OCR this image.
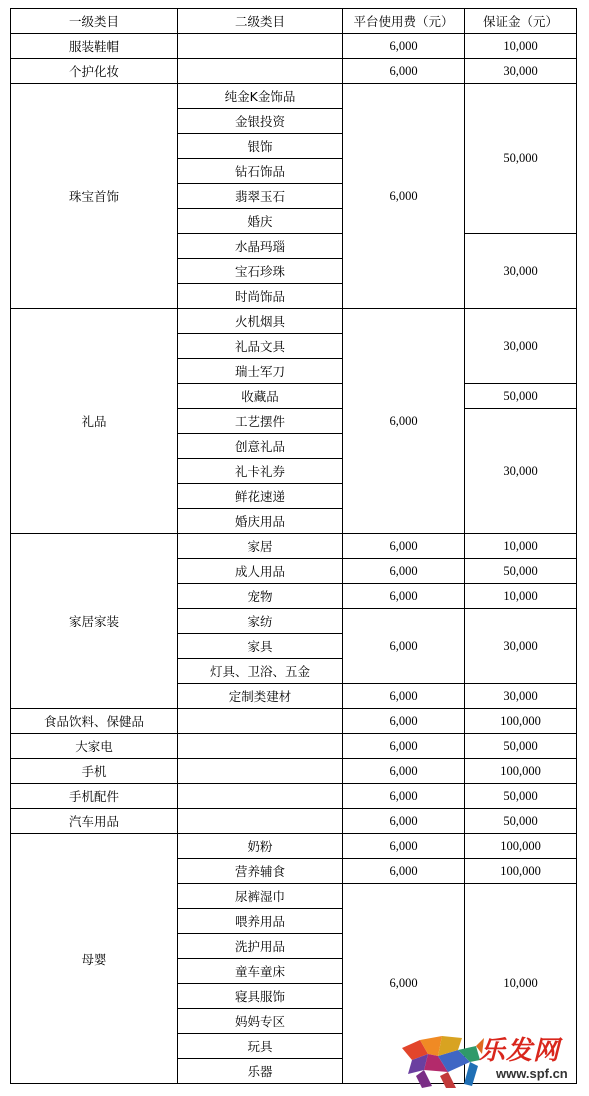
一级类目	二级类目	平台使用费（元）	保证金（元）
服装鞋帽		6,000	10,000
个护化妆		6,000	30,000
珠宝首饰	纯金K金饰品	6,000	50,000
	金银投资		
	银饰		
	钻石饰品		
	翡翠玉石		
	婚庆		
	水晶玛瑙		30,000
	宝石珍珠		
	时尚饰品		
礼品	火机烟具	6,000	30,000
	礼品文具		
	瑞士军刀		
	收藏品		50,000
	工艺摆件		30,000
	创意礼品		
	礼卡礼券		
	鲜花速递		
	婚庆用品		
家居家装	家居	6,000	10,000
	成人用品	6,000	50,000
	宠物	6,000	10,000
	家纺	6,000	30,000
	家具		
	灯具、卫浴、五金		
	定制类建材	6,000	30,000
食品饮料、保健品		6,000	100,000
大家电		6,000	50,000
手机		6,000	100,000
手机配件		6,000	50,000
汽车用品		6,000	50,000
母婴	奶粉	6,000	100,000
	营养辅食	6,000	100,000
	尿裤湿巾	6,000	10,000
	喂养用品		
	洗护用品		
	童车童床		
	寝具服饰		
	妈妈专区		
	玩具		
	乐器		
乐发网
www.spf.cn
